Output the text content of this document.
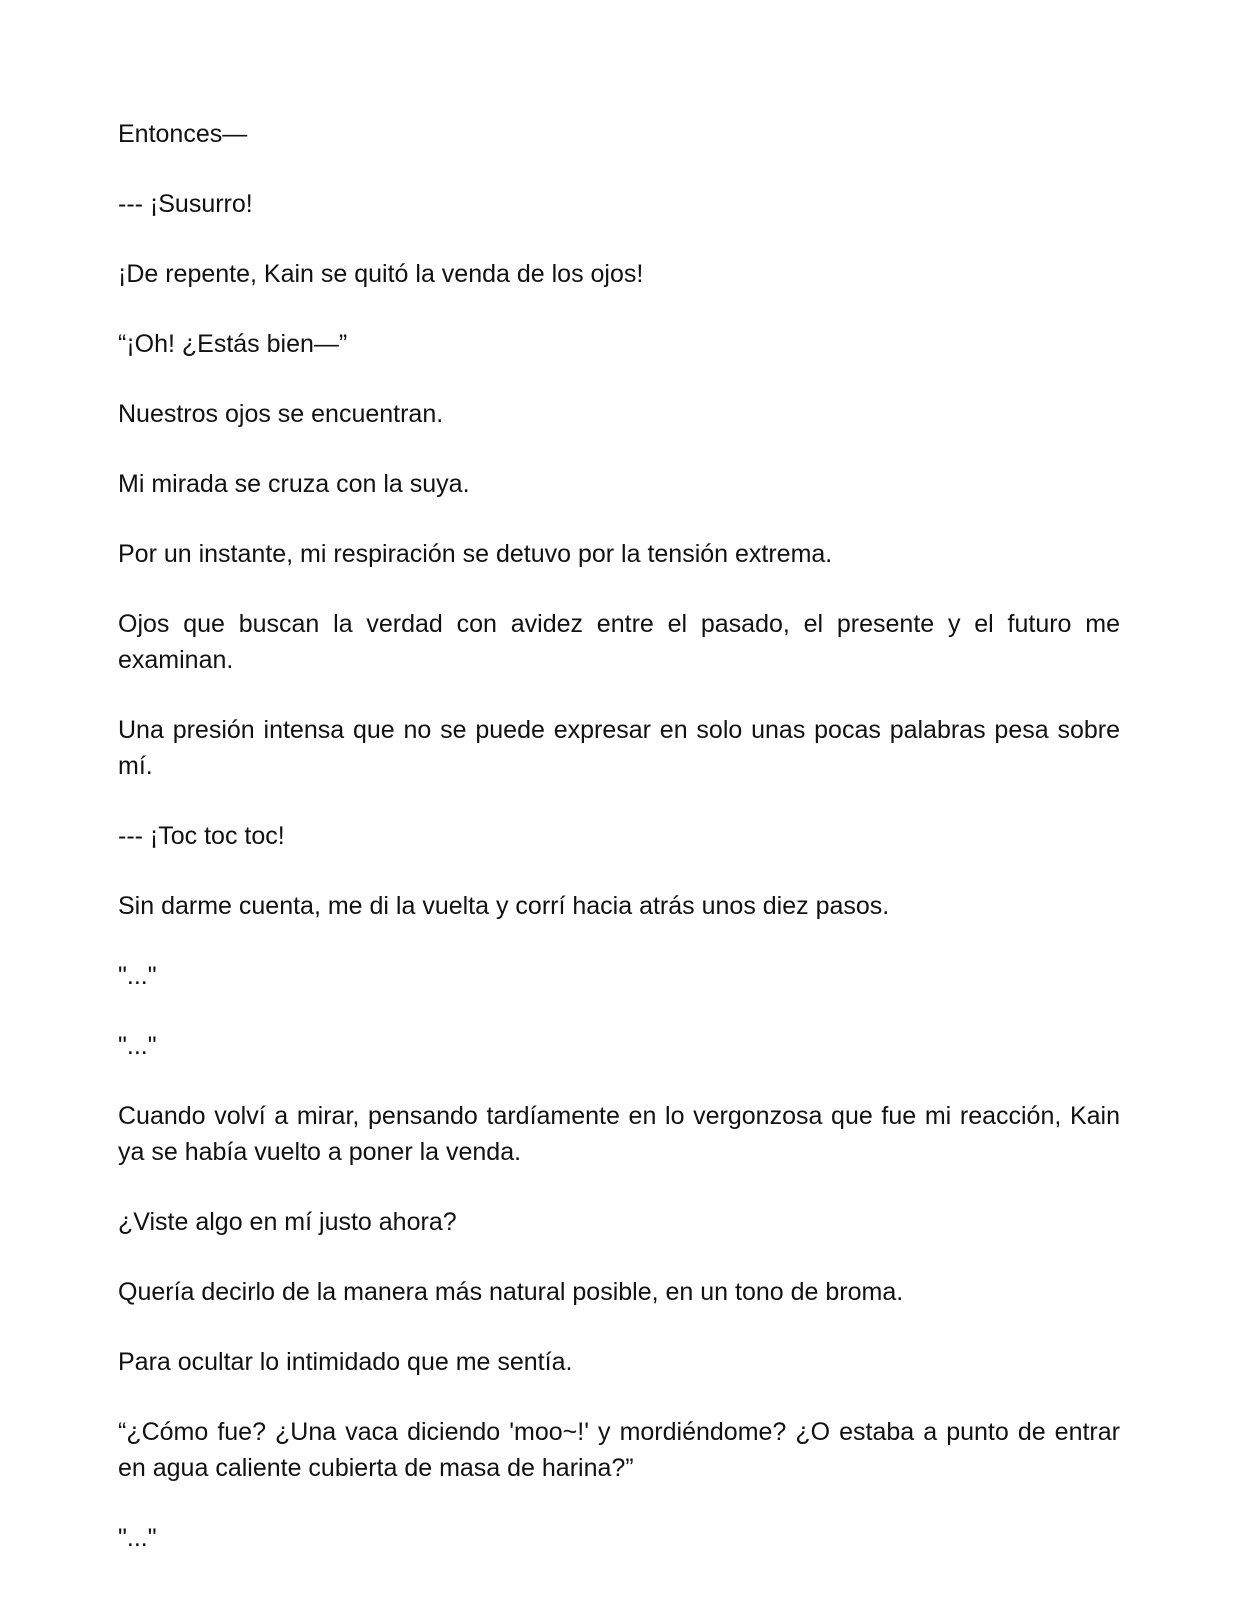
Entonces—

--- ¡Susurro!

¡De repente, Kain se quitó la venda de los ojos!

“¡Oh! ¿Estás bien—”

Nuestros ojos se encuentran.

Mi mirada se cruza con la suya.

Por un instante, mi respiración se detuvo por la tensión extrema.

Ojos que buscan la verdad con avidez entre el pasado, el presente y el futuro me examinan.

Una presión intensa que no se puede expresar en solo unas pocas palabras pesa sobre mí.

--- ¡Toc toc toc!

Sin darme cuenta, me di la vuelta y corrí hacia atrás unos diez pasos.

"..."

"..."

Cuando volví a mirar, pensando tardíamente en lo vergonzosa que fue mi reacción, Kain ya se había vuelto a poner la venda.

¿Viste algo en mí justo ahora?

Quería decirlo de la manera más natural posible, en un tono de broma.

Para ocultar lo intimidado que me sentía.

“¿Cómo fue? ¿Una vaca diciendo 'moo~!' y mordiéndome? ¿O estaba a punto de entrar en agua caliente cubierta de masa de harina?”

"..."
